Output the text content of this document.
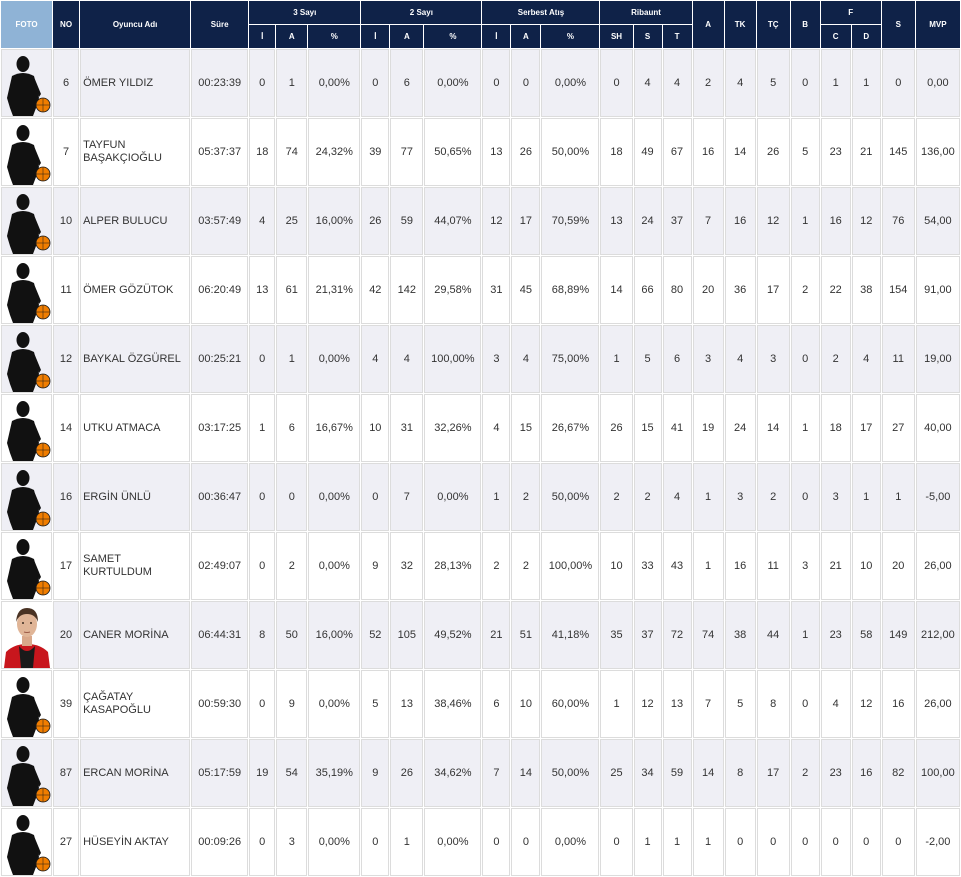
FOTO	NO	Oyuncu Adı	Süre	3 Sayı			2 Sayı			Serbest Atış			Ribaunt			A	TK	TÇ	B	F		S	MVP
				İ	A	%	İ	A	%	İ	A	%	SH	S	T					C	D		

	6	ÖMER YILDIZ	00:23:39	0	1	0,00%	0	6	0,00%	0	0	0,00%	0	4	4	2	4	5	0	1	1	0	0,00

	7	TAYFUN BAŞAKÇIOĞLU	05:37:37	18	74	24,32%	39	77	50,65%	13	26	50,00%	18	49	67	16	14	26	5	23	21	145	136,00

	10	ALPER BULUCU	03:57:49	4	25	16,00%	26	59	44,07%	12	17	70,59%	13	24	37	7	16	12	1	16	12	76	54,00

	11	ÖMER GÖZÜTOK	06:20:49	13	61	21,31%	42	142	29,58%	31	45	68,89%	14	66	80	20	36	17	2	22	38	154	91,00

	12	BAYKAL ÖZGÜREL	00:25:21	0	1	0,00%	4	4	100,00%	3	4	75,00%	1	5	6	3	4	3	0	2	4	11	19,00

	14	UTKU ATMACA	03:17:25	1	6	16,67%	10	31	32,26%	4	15	26,67%	26	15	41	19	24	14	1	18	17	27	40,00

	16	ERGİN ÜNLÜ	00:36:47	0	0	0,00%	0	7	0,00%	1	2	50,00%	2	2	4	1	3	2	0	3	1	1	-5,00

	17	SAMET KURTULDUM	02:49:07	0	2	0,00%	9	32	28,13%	2	2	100,00%	10	33	43	1	16	11	3	21	10	20	26,00

	20	CANER MORİNA	06:44:31	8	50	16,00%	52	105	49,52%	21	51	41,18%	35	37	72	74	38	44	1	23	58	149	212,00

	39	ÇAĞATAY KASAPOĞLU	00:59:30	0	9	0,00%	5	13	38,46%	6	10	60,00%	1	12	13	7	5	8	0	4	12	16	26,00

	87	ERCAN MORİNA	05:17:59	19	54	35,19%	9	26	34,62%	7	14	50,00%	25	34	59	14	8	17	2	23	16	82	100,00

	27	HÜSEYİN AKTAY	00:09:26	0	3	0,00%	0	1	0,00%	0	0	0,00%	0	1	1	1	0	0	0	0	0	0	-2,00
